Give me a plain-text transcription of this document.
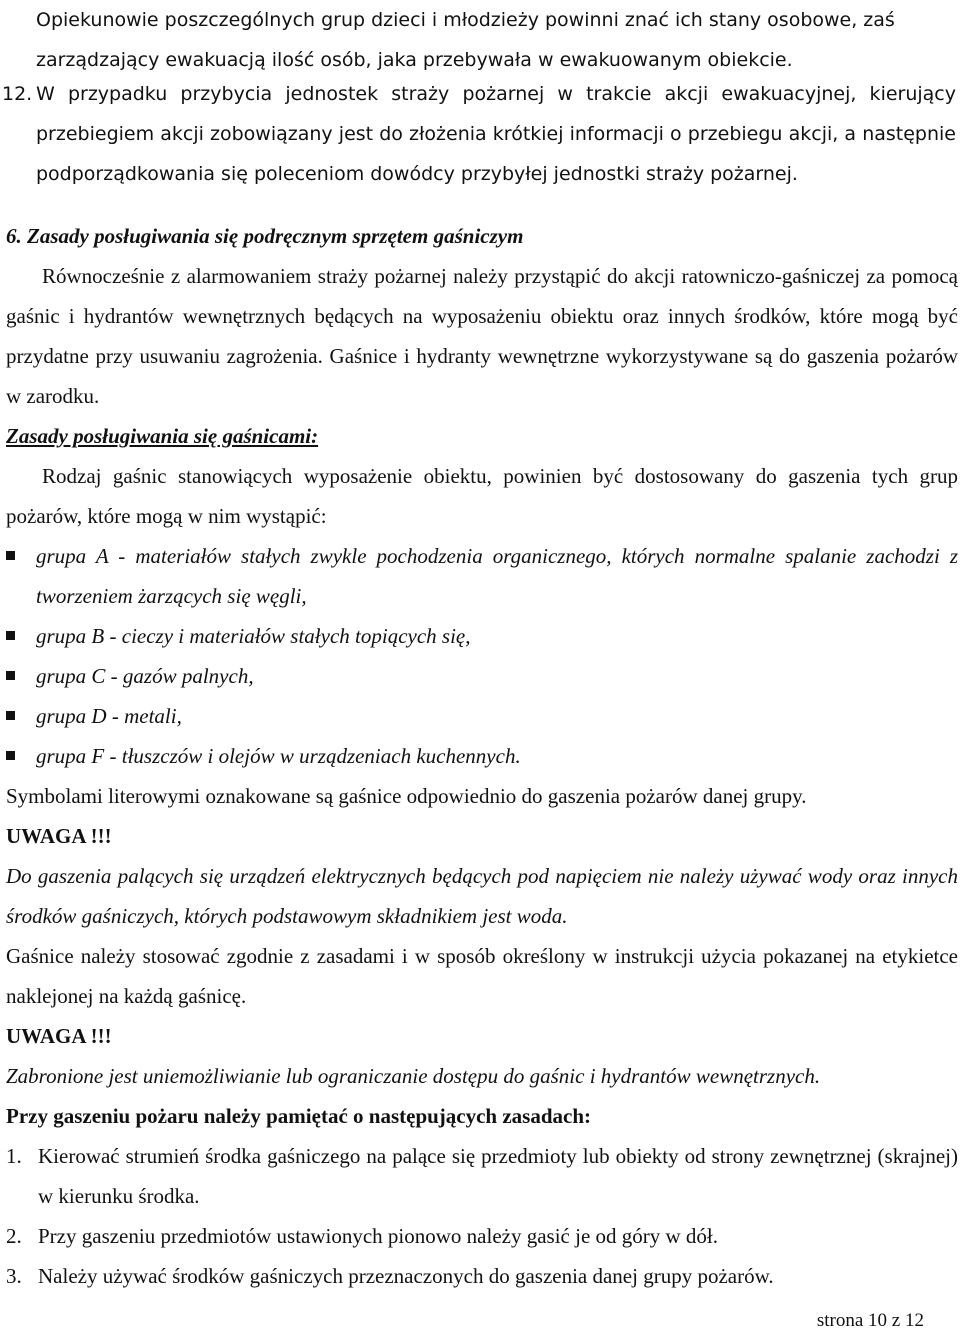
Opiekunowie poszczególnych grup dzieci i młodzieży powinni znać ich stany osobowe, zaś

zarządzający ewakuacją ilość osób, jaka przebywała w ewakuowanym obiekcie.

12. W przypadku przybycia jednostek straży pożarnej w trakcie akcji ewakuacyjnej, kierujący przebiegiem akcji zobowiązany jest do złożenia krótkiej informacji o przebiegu akcji, a następnie podporządkowania się poleceniom dowódcy przybyłej jednostki straży pożarnej.

6. Zasady posługiwania się podręcznym sprzętem gaśniczym

Równocześnie z alarmowaniem straży pożarnej należy przystąpić do akcji ratowniczo-gaśniczej za pomocą gaśnic i hydrantów wewnętrznych będących na wyposażeniu obiektu oraz innych środków, które mogą być przydatne przy usuwaniu zagrożenia. Gaśnice i hydranty wewnętrzne wykorzystywane są do gaszenia pożarów w zarodku.

Zasady posługiwania się gaśnicami:

Rodzaj gaśnic stanowiących wyposażenie obiektu, powinien być dostosowany do gaszenia tych grup pożarów, które mogą w nim wystąpić:

grupa A - materiałów stałych zwykle pochodzenia organicznego, których normalne spalanie zachodzi z tworzeniem żarzących się węgli,
grupa B - cieczy i materiałów stałych topiących się,
grupa C - gazów palnych,
grupa D - metali,
grupa F - tłuszczów i olejów w urządzeniach kuchennych.

Symbolami literowymi oznakowane są gaśnice odpowiednio do gaszenia pożarów danej grupy.

UWAGA !!!

Do gaszenia palących się urządzeń elektrycznych będących pod napięciem nie należy używać wody oraz innych środków gaśniczych, których podstawowym składnikiem jest woda.

Gaśnice należy stosować zgodnie z zasadami i w sposób określony w instrukcji użycia pokazanej na etykietce naklejonej na każdą gaśnicę.

UWAGA !!!

Zabronione jest uniemożliwianie lub ograniczanie dostępu do gaśnic i hydrantów wewnętrznych.

Przy gaszeniu pożaru należy pamiętać o następujących zasadach:

1. Kierować strumień środka gaśniczego na palące się przedmioty lub obiekty od strony zewnętrznej (skrajnej) w kierunku środka.
2. Przy gaszeniu przedmiotów ustawionych pionowo należy gasić je od góry w dół.
3. Należy używać środków gaśniczych przeznaczonych do gaszenia danej grupy pożarów.
strona 10 z 12
